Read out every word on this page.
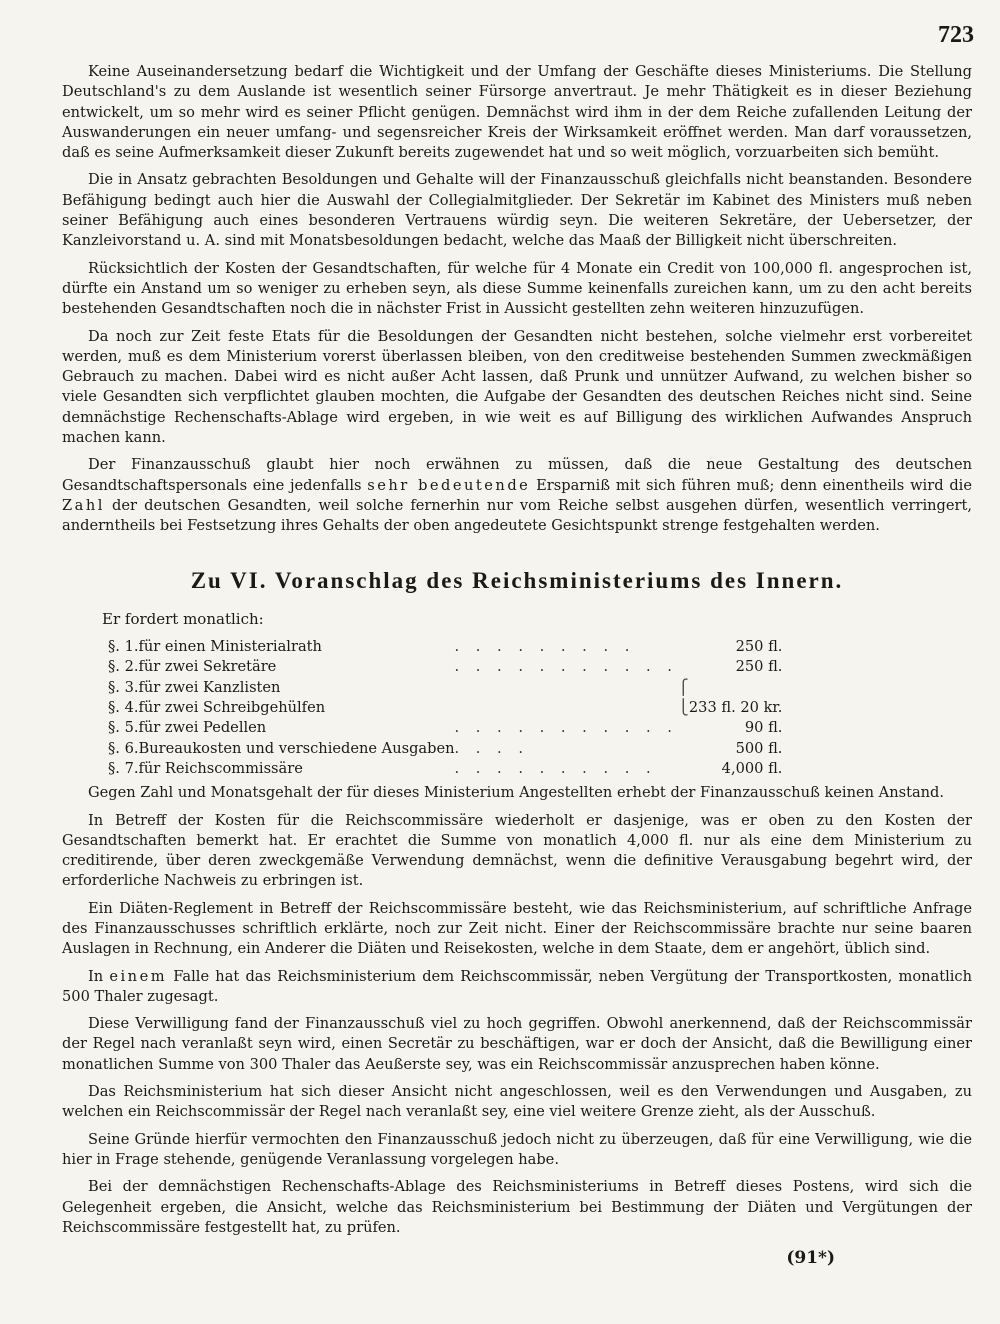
723

Keine Auseinandersetzung bedarf die Wichtigkeit und der Umfang der Geschäfte dieses Ministeriums. Die Stellung Deutschland's zu dem Auslande ist wesentlich seiner Fürsorge anvertraut. Je mehr Thätigkeit es in dieser Beziehung entwickelt, um so mehr wird es seiner Pflicht genügen. Demnächst wird ihm in der dem Reiche zufallenden Leitung der Auswanderungen ein neuer umfang- und segensreicher Kreis der Wirksamkeit eröffnet werden. Man darf voraussetzen, daß es seine Aufmerksamkeit dieser Zukunft bereits zugewendet hat und so weit möglich, vorzuarbeiten sich bemüht.

Die in Ansatz gebrachten Besoldungen und Gehalte will der Finanzausschuß gleichfalls nicht beanstanden. Besondere Befähigung bedingt auch hier die Auswahl der Collegialmitglieder. Der Sekretär im Kabinet des Ministers muß neben seiner Befähigung auch eines besonderen Vertrauens würdig seyn. Die weiteren Sekretäre, der Uebersetzer, der Kanzleivorstand u. A. sind mit Monatsbesoldungen bedacht, welche das Maaß der Billigkeit nicht überschreiten.

Rücksichtlich der Kosten der Gesandtschaften, für welche für 4 Monate ein Credit von 100,000 fl. angesprochen ist, dürfte ein Anstand um so weniger zu erheben seyn, als diese Summe keinenfalls zureichen kann, um zu den acht bereits bestehenden Gesandtschaften noch die in nächster Frist in Aussicht gestellten zehn weiteren hinzuzufügen.

Da noch zur Zeit feste Etats für die Besoldungen der Gesandten nicht bestehen, solche vielmehr erst vorbereitet werden, muß es dem Ministerium vorerst überlassen bleiben, von den creditweise bestehenden Summen zweckmäßigen Gebrauch zu machen. Dabei wird es nicht außer Acht lassen, daß Prunk und unnützer Aufwand, zu welchen bisher so viele Gesandten sich verpflichtet glauben mochten, die Aufgabe der Gesandten des deutschen Reiches nicht sind. Seine demnächstige Rechenschafts-Ablage wird ergeben, in wie weit es auf Billigung des wirklichen Aufwandes Anspruch machen kann.

Der Finanzausschuß glaubt hier noch erwähnen zu müssen, daß die neue Gestaltung des deutschen Gesandtschaftspersonals eine jedenfalls sehr bedeutende Ersparniß mit sich führen muß; denn einentheils wird die Zahl der deutschen Gesandten, weil solche fernerhin nur vom Reiche selbst ausgehen dürfen, wesentlich verringert, anderntheils bei Festsetzung ihres Gehalts der oben angedeutete Gesichtspunkt strenge festgehalten werden.

Zu VI. Voranschlag des Reichsministeriums des Innern.
Er fordert monatlich:
§. 1.	für einen Ministerialrath	. . . . . . . . .		250 fl.
§. 2.	für zwei Sekretäre	. . . . . . . . . . .		250 fl.
§. 3.	für zwei Kanzlisten		⎧	
§. 4.	für zwei Schreibgehülfen		⎩	233 fl. 20 kr.
§. 5.	für zwei Pedellen	. . . . . . . . . . .		90 fl.
§. 6.	Bureaukosten und verschiedene Ausgaben	. . . .		500 fl.
§. 7.	für Reichscommissäre	. . . . . . . . . .		4,000 fl.

Gegen Zahl und Monatsgehalt der für dieses Ministerium Angestellten erhebt der Finanzausschuß keinen Anstand.

In Betreff der Kosten für die Reichscommissäre wiederholt er dasjenige, was er oben zu den Kosten der Gesandtschaften bemerkt hat. Er erachtet die Summe von monatlich 4,000 fl. nur als eine dem Ministerium zu creditirende, über deren zweckgemäße Verwendung demnächst, wenn die definitive Verausgabung begehrt wird, der erforderliche Nachweis zu erbringen ist.

Ein Diäten-Reglement in Betreff der Reichscommissäre besteht, wie das Reichsministerium, auf schriftliche Anfrage des Finanzausschusses schriftlich erklärte, noch zur Zeit nicht. Einer der Reichscommissäre brachte nur seine baaren Auslagen in Rechnung, ein Anderer die Diäten und Reisekosten, welche in dem Staate, dem er angehört, üblich sind.

In einem Falle hat das Reichsministerium dem Reichscommissär, neben Vergütung der Transportkosten, monatlich 500 Thaler zugesagt.

Diese Verwilligung fand der Finanzausschuß viel zu hoch gegriffen. Obwohl anerkennend, daß der Reichscommissär der Regel nach veranlaßt seyn wird, einen Secretär zu beschäftigen, war er doch der Ansicht, daß die Bewilligung einer monatlichen Summe von 300 Thaler das Aeußerste sey, was ein Reichscommissär anzusprechen haben könne.

Das Reichsministerium hat sich dieser Ansicht nicht angeschlossen, weil es den Verwendungen und Ausgaben, zu welchen ein Reichscommissär der Regel nach veranlaßt sey, eine viel weitere Grenze zieht, als der Ausschuß.

Seine Gründe hierfür vermochten den Finanzausschuß jedoch nicht zu überzeugen, daß für eine Verwilligung, wie die hier in Frage stehende, genügende Veranlassung vorgelegen habe.

Bei der demnächstigen Rechenschafts-Ablage des Reichsministeriums in Betreff dieses Postens, wird sich die Gelegenheit ergeben, die Ansicht, welche das Reichsministerium bei Bestimmung der Diäten und Vergütungen der Reichscommissäre festgestellt hat, zu prüfen.

(91*)
